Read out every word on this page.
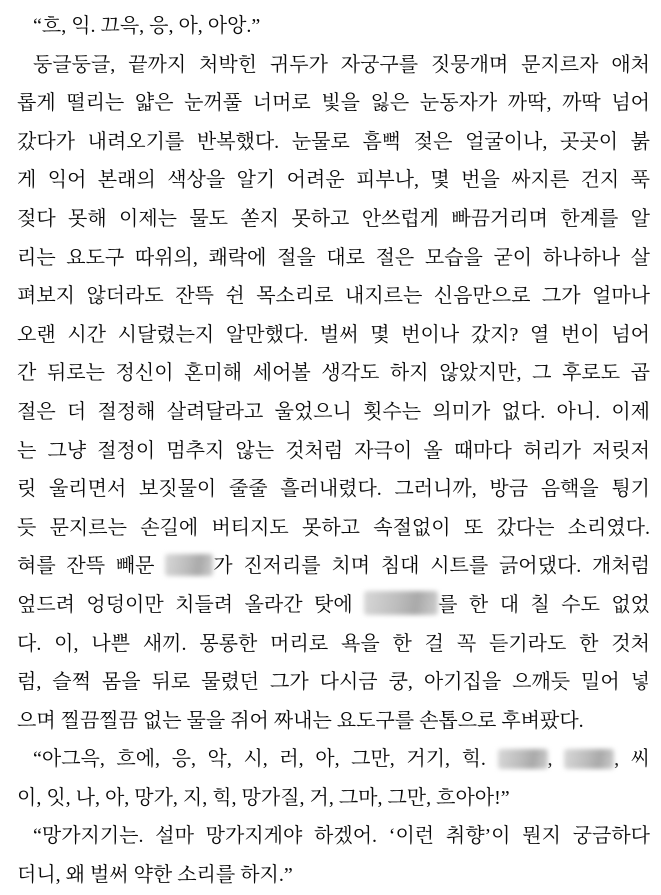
“흐, 익. 끄윽, 응, 아, 아앙.”
둥글둥글, 끝까지 처박힌 귀두가 자궁구를 짓뭉개며 문지르자 애처
롭게 떨리는 얇은 눈꺼풀 너머로 빛을 잃은 눈동자가 까딱, 까딱 넘어
갔다가 내려오기를 반복했다. 눈물로 흠뻑 젖은 얼굴이나, 곳곳이 붉
게 익어 본래의 색상을 알기 어려운 피부나, 몇 번을 싸지른 건지 푹
젖다 못해 이제는 물도 쏟지 못하고 안쓰럽게 빠끔거리며 한계를 알
리는 요도구 따위의, 쾌락에 절을 대로 절은 모습을 굳이 하나하나 살
펴보지 않더라도 잔뜩 쉰 목소리로 내지르는 신음만으로 그가 얼마나
오랜 시간 시달렸는지 알만했다. 벌써 몇 번이나 갔지? 열 번이 넘어
간 뒤로는 정신이 혼미해 세어볼 생각도 하지 않았지만, 그 후로도 곱
절은 더 절정해 살려달라고 울었으니 횟수는 의미가 없다. 아니. 이제
는 그냥 절정이 멈추지 않는 것처럼 자극이 올 때마다 허리가 저릿저
릿 울리면서 보짓물이 줄줄 흘러내렸다. 그러니까, 방금 음핵을 튕기
듯 문지르는 손길에 버티지도 못하고 속절없이 또 갔다는 소리였다.
혀를 잔뜩 빼문 가 진저리를 치며 침대 시트를 긁어댔다. 개처럼
엎드려 엉덩이만 치들려 올라간 탓에	를 한 대 칠 수도 없었
다. 이, 나쁜 새끼. 몽롱한 머리로 욕을 한 걸 꼭 듣기라도 한 것처
럼, 슬쩍 몸을 뒤로 물렸던 그가 다시금 쿵, 아기집을 으깨듯 밀어 넣
으며 찔끔찔끔 없는 물을 쥐어 짜내는 요도구를 손톱으로 후벼팠다.
“아그윽, 흐에, 응, 악, 시, 러, 아, 그만, 거기, 힉.	,	, 씨
이, 잇, 나, 아, 망가, 지, 힉, 망가질, 거, 그마, 그만, 흐아아!”
“망가지기는. 설마 망가지게야 하겠어. ‘이런 취향’이 뭔지 궁금하다
더니, 왜 벌써 약한 소리를 하지.”
